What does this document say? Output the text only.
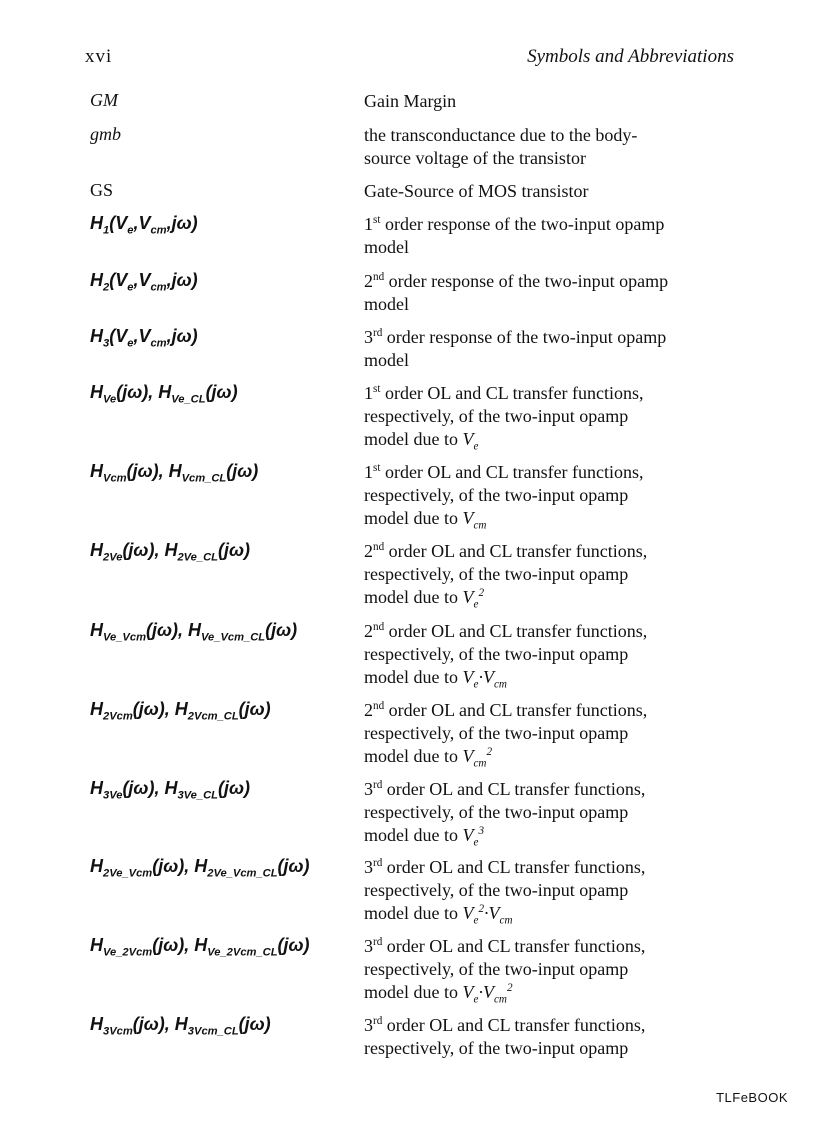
xvi	Symbols and Abbreviations
GM	Gain Margin
gmb	the transconductance due to the body-
source voltage of the transistor
GS	Gate-Source of MOS transistor
$H_1(V_e,V_{cm},j\omega)$	1st order response of the two-input opamp
model
$H_2(V_e,V_{cm},j\omega)$	2nd order response of the two-input opamp
model
$H_3(V_e,V_{cm},j\omega)$	3rd order response of the two-input opamp
model
$H_{Ve}(j\omega)$, $H_{Ve\_CL}(j\omega)$	1st order OL and CL transfer functions,
respectively, of the two-input opamp
model due to $V_e$
$H_{Vcm}(j\omega)$, $H_{Vcm\_CL}(j\omega)$	1st order OL and CL transfer functions,
respectively, of the two-input opamp
model due to $V_{cm}$
$H_{2Ve}(j\omega)$, $H_{2Ve\_CL}(j\omega)$	2nd order OL and CL transfer functions,
respectively, of the two-input opamp
model due to $V_e^2$
$H_{Ve\_Vcm}(j\omega)$, $H_{Ve\_Vcm\_CL}(j\omega)$	2nd order OL and CL transfer functions,
respectively, of the two-input opamp
model due to $V_e\cdot V_{cm}$
$H_{2Vcm}(j\omega)$, $H_{2Vcm\_CL}(j\omega)$	2nd order OL and CL transfer functions,
respectively, of the two-input opamp
model due to $V_{cm}^2$
$H_{3Ve}(j\omega)$, $H_{3Ve\_CL}(j\omega)$	3rd order OL and CL transfer functions,
respectively, of the two-input opamp
model due to $V_e^3$
$H_{2Ve\_Vcm}(j\omega)$, $H_{2Ve\_Vcm\_CL}(j\omega)$	3rd order OL and CL transfer functions,
respectively, of the two-input opamp
model due to $V_e^2\cdot V_{cm}$
$H_{Ve\_2Vcm}(j\omega)$, $H_{Ve\_2Vcm\_CL}(j\omega)$	3rd order OL and CL transfer functions,
respectively, of the two-input opamp
model due to $V_e\cdot V_{cm}^2$
$H_{3Vcm}(j\omega)$, $H_{3Vcm\_CL}(j\omega)$	3rd order OL and CL transfer functions,
respectively, of the two-input opamp
TLFeBOOK
